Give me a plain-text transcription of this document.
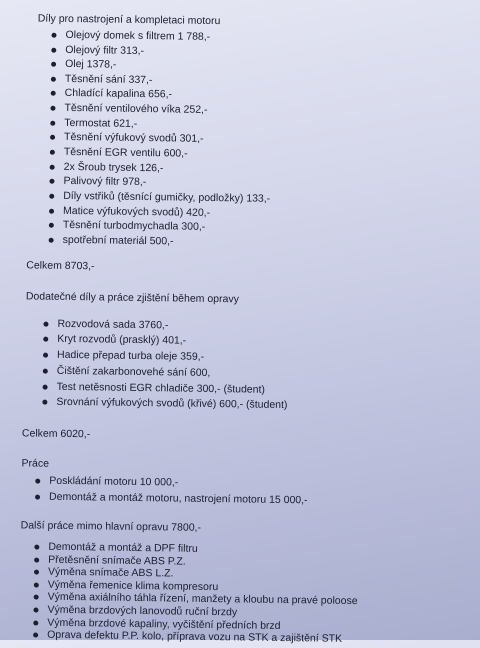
Díly pro nastrojení a kompletaci motoru
Olejový domek s filtrem 1 788,-
Olejový filtr 313,-
Olej 1378,-
Těsnění sání 337,-
Chladící kapalina 656,-
Těsnění ventilového víka 252,-
Termostat 621,-
Těsnění výfukový svodů 301,-
Těsnění EGR ventilu 600,-
2x Šroub trysek 126,-
Palivový filtr 978,-
Díly vstřiků (těsnící gumičky, podložky) 133,-
Matice výfukových svodů) 420,-
Těsnění turbodmychadla 300,-
spotřební materiál 500,-
Celkem 8703,-
Dodatečné díly a práce zjištění během opravy
Rozvodová sada 3760,-
Kryt rozvodů (prasklý) 401,-
Hadice přepad turba oleje 359,-
Čištění zakarbonovehé sání 600,
Test netěsnosti EGR chladiče 300,- (študent)
Srovnání výfukových svodů (křivé) 600,- (študent)
Celkem 6020,-
Práce
Poskládání motoru 10 000,-
Demontáž a montáž motoru, nastrojení motoru 15 000,-
Další práce mimo hlavní opravu 7800,-
Demontáž a montáž a DPF filtru
Přetěsnění snímače ABS P.Z.
Výměna snímače ABS L.Z.
Výměna řemenice klima kompresoru
Výměna axiálního táhla řízení, manžety a kloubu na pravé poloose
Výměna brzdových lanovodů ruční brzdy
Výměna brzdové kapaliny, vyčištění předních brzd
Oprava defektu P.P. kolo, příprava vozu na STK a zajištění STK
